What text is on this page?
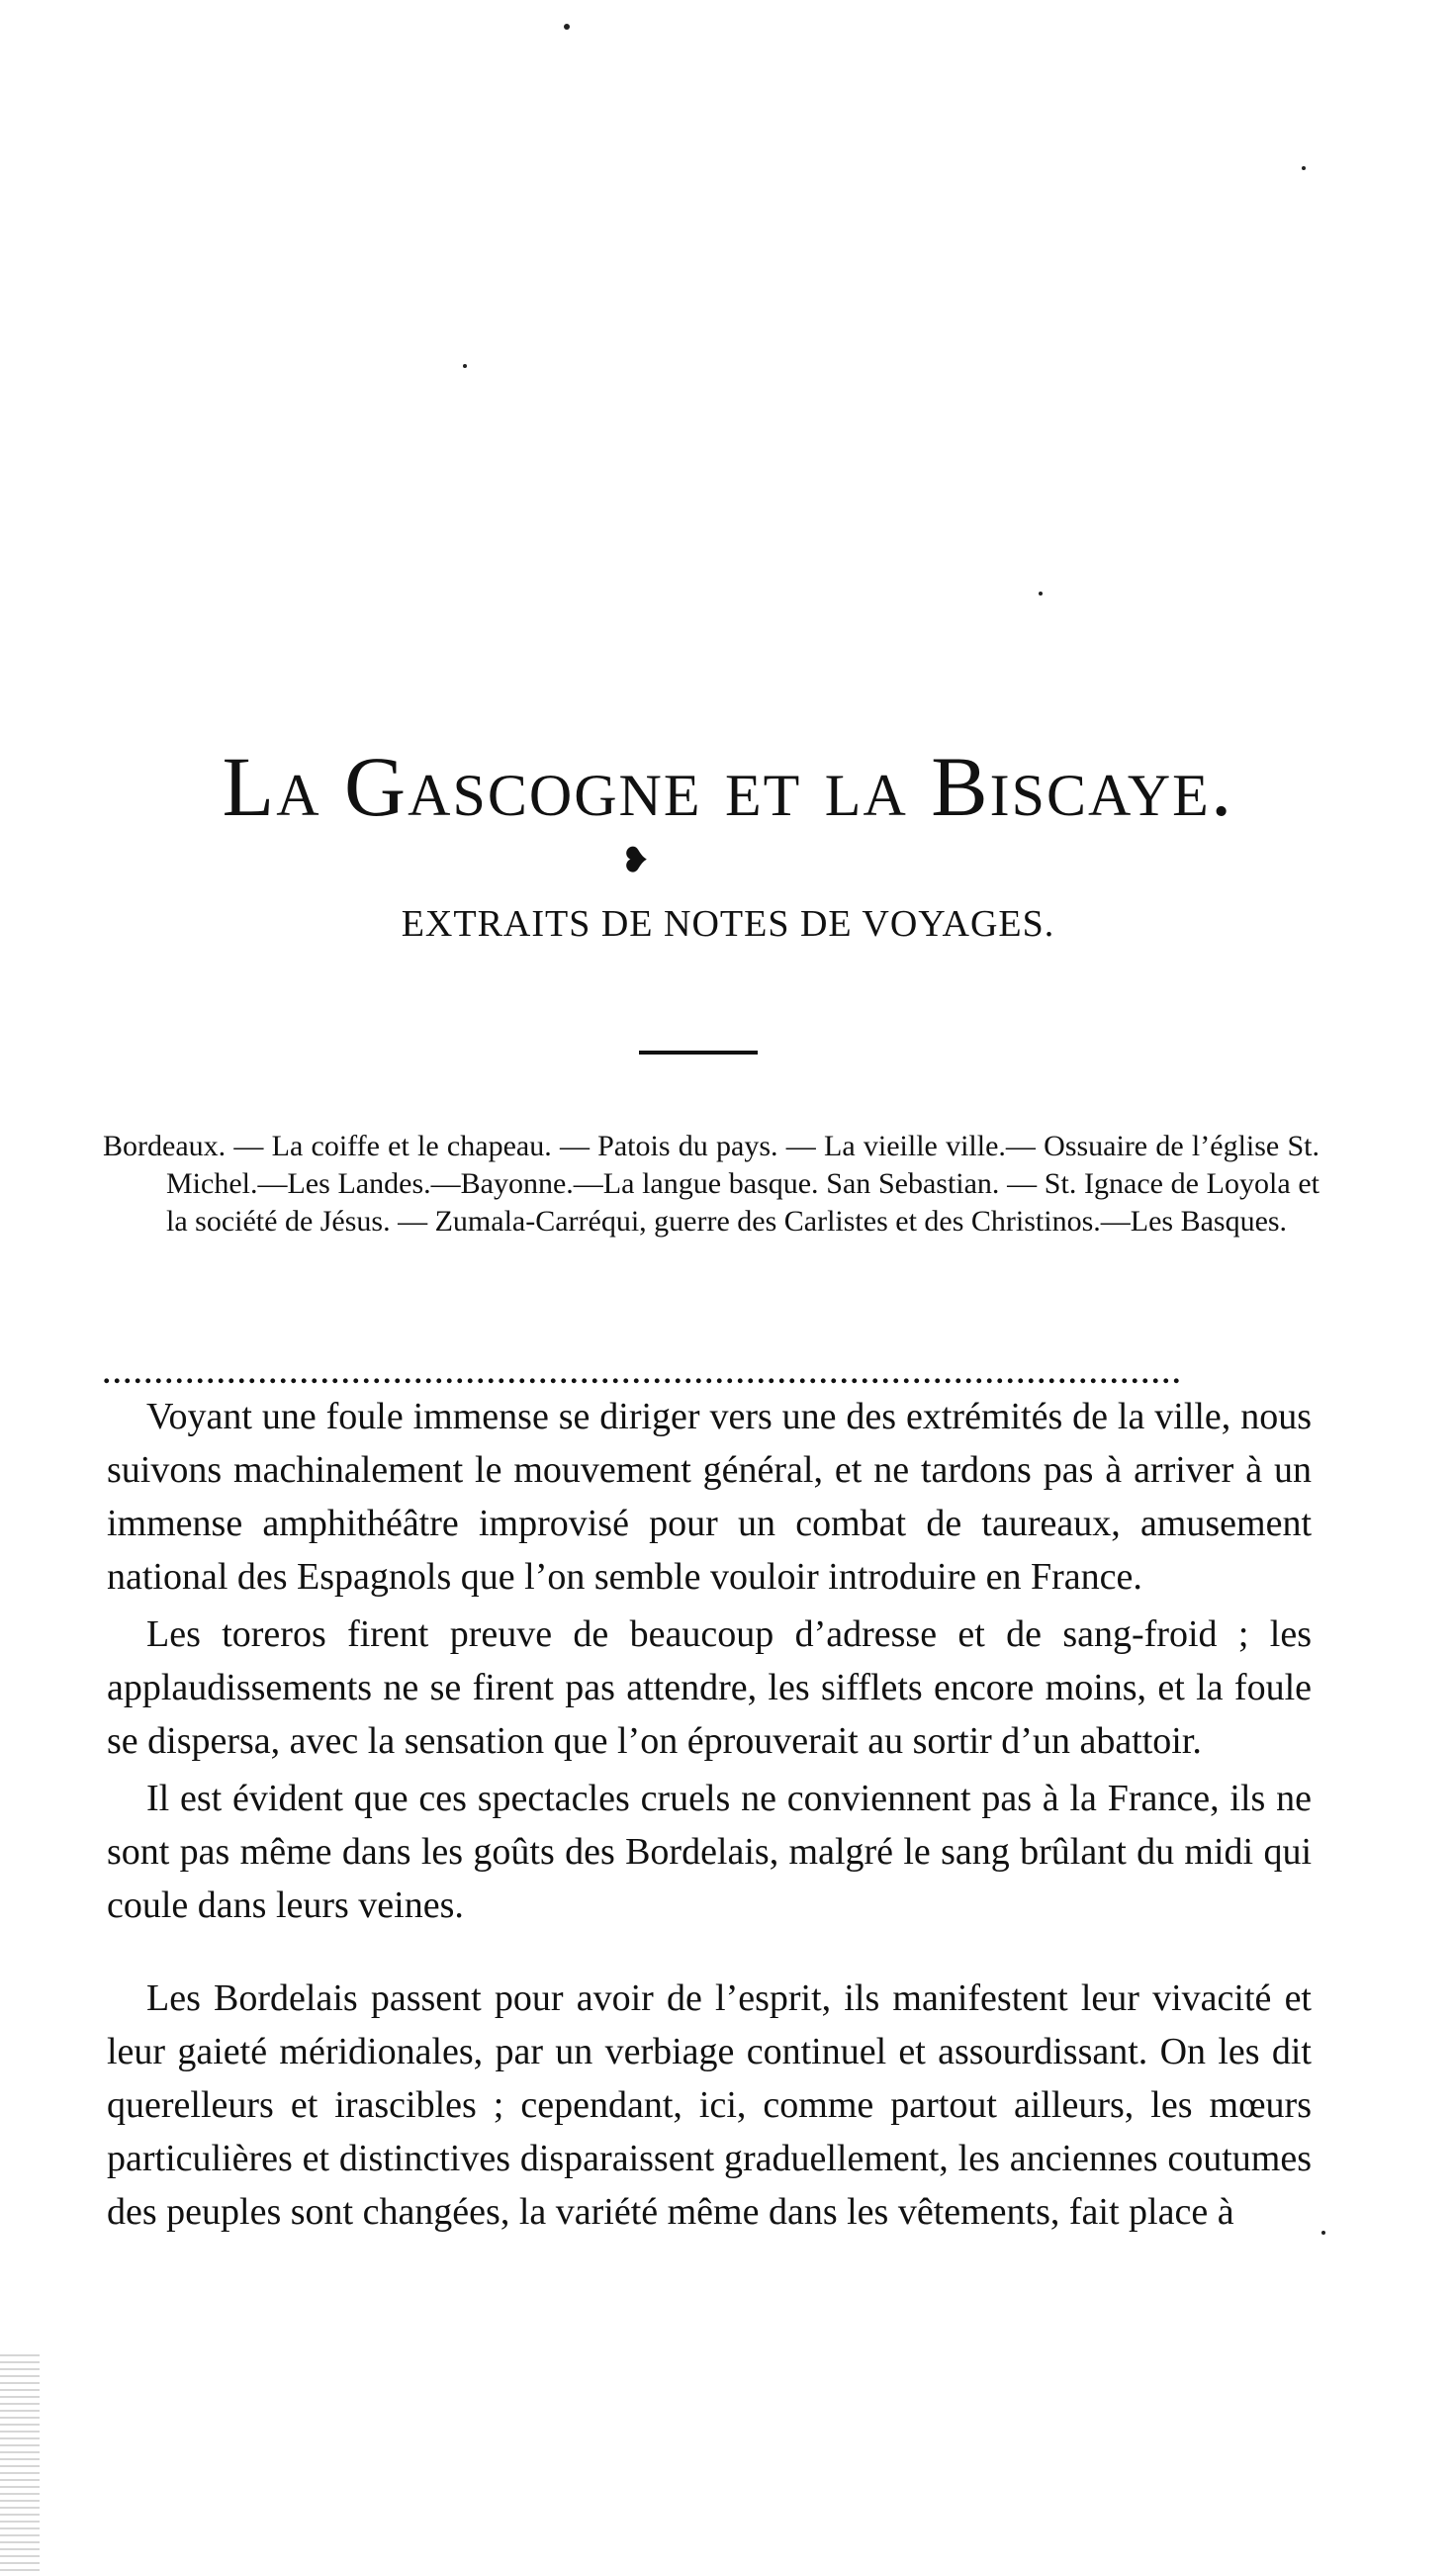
La Gascogne et la Biscaye.
❥
EXTRAITS DE NOTES DE VOYAGES.

Bordeaux. — La coiffe et le chapeau. — Patois du pays. — La vieille ville.— Ossuaire de l’église St. Michel.—Les Landes.—Bayonne.—La langue basque. San Sebastian. — St. Ignace de Loyola et la société de Jésus. — Zumala-Carréqui, guerre des Carlistes et des Christinos.—Les Basques.

........................................................................................................

Voyant une foule immense se diriger vers une des extrémités de la ville, nous suivons machinalement le mouvement général, et ne tardons pas à arriver à un immense amphithéâtre improvisé pour un combat de taureaux, amusement national des Espagnols que l’on semble vouloir introduire en France.

Les toreros firent preuve de beaucoup d’adresse et de sang-froid ; les applaudissements ne se firent pas attendre, les sifflets encore moins, et la foule se dispersa, avec la sensation que l’on éprouverait au sortir d’un abattoir.

Il est évident que ces spectacles cruels ne conviennent pas à la France, ils ne sont pas même dans les goûts des Bordelais, malgré le sang brûlant du midi qui coule dans leurs veines.

Les Bordelais passent pour avoir de l’esprit, ils manifestent leur vivacité et leur gaieté méridionales, par un verbiage continuel et assourdissant. On les dit querelleurs et irascibles ; cependant, ici, comme partout ailleurs, les mœurs particulières et distinctives disparaissent graduellement, les anciennes coutumes des peuples sont changées, la variété même dans les vêtements, fait place à
